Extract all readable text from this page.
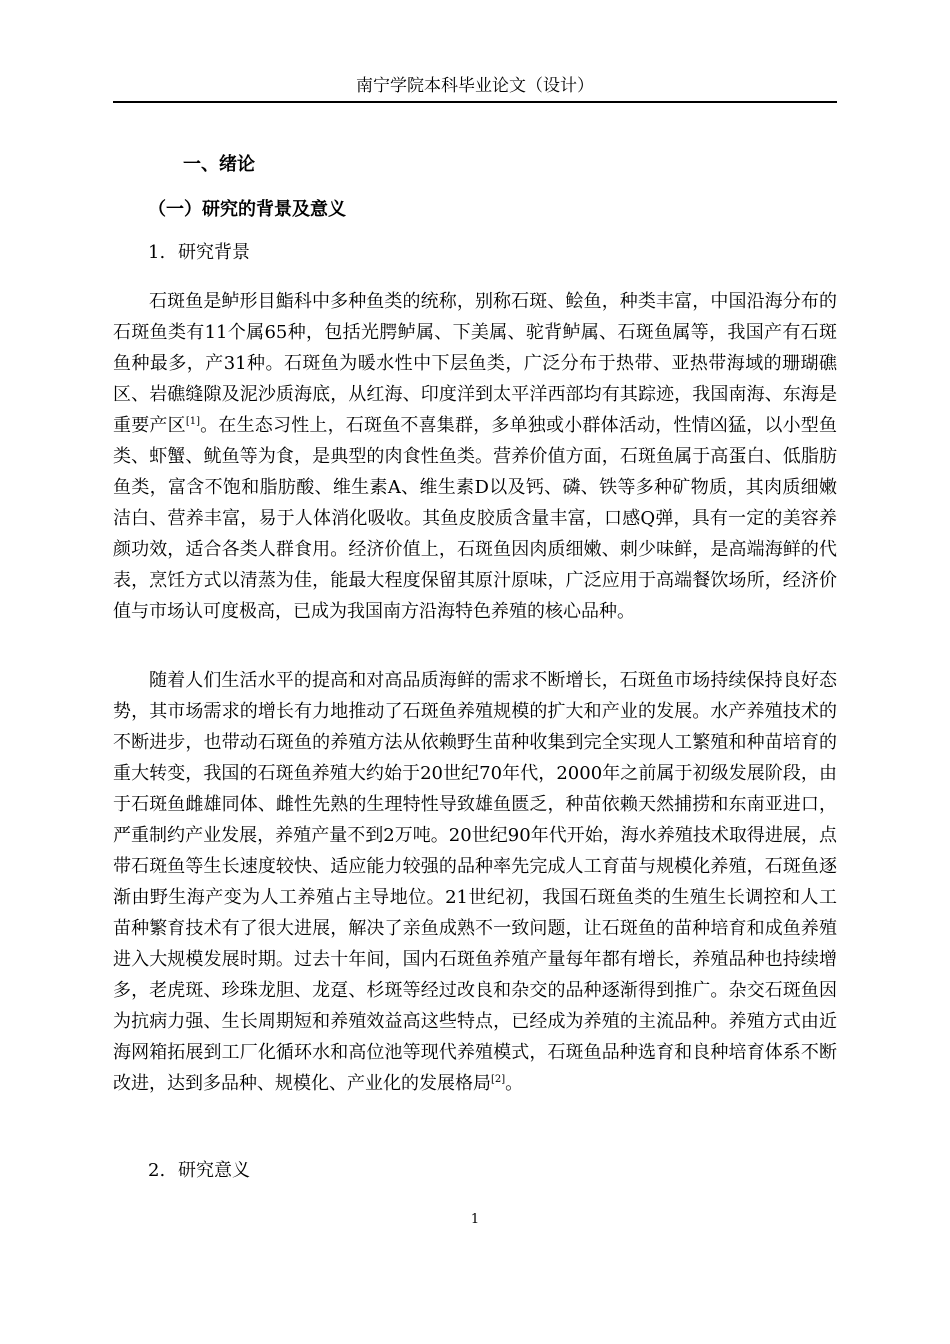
南宁学院本科毕业论文（设计）
一、绪论
（一）研究的背景及意义
1. 研究背景

石斑鱼是鲈形目鮨科中多种鱼类的统称，别称石斑、鲙鱼，种类丰富，中国沿海分布的石斑鱼类有11个属65种，包括光腭鲈属、下美属、驼背鲈属、石斑鱼属等，我国产有石斑鱼种最多，产31种。石斑鱼为暖水性中下层鱼类，广泛分布于热带、亚热带海域的珊瑚礁区、岩礁缝隙及泥沙质海底，从红海、印度洋到太平洋西部均有其踪迹，我国南海、东海是重要产区[1]。在生态习性上，石斑鱼不喜集群，多单独或小群体活动，性情凶猛，以小型鱼类、虾蟹、鱿鱼等为食，是典型的肉食性鱼类。营养价值方面，石斑鱼属于高蛋白、低脂肪鱼类，富含不饱和脂肪酸、维生素A、维生素D以及钙、磷、铁等多种矿物质，其肉质细嫩洁白、营养丰富，易于人体消化吸收。其鱼皮胶质含量丰富，口感Q弹，具有一定的美容养颜功效，适合各类人群食用。经济价值上，石斑鱼因肉质细嫩、刺少味鲜，是高端海鲜的代表，烹饪方式以清蒸为佳，能最大程度保留其原汁原味，广泛应用于高端餐饮场所，经济价值与市场认可度极高，已成为我国南方沿海特色养殖的核心品种。

随着人们生活水平的提高和对高品质海鲜的需求不断增长，石斑鱼市场持续保持良好态势，其市场需求的增长有力地推动了石斑鱼养殖规模的扩大和产业的发展。水产养殖技术的不断进步，也带动石斑鱼的养殖方法从依赖野生苗种收集到完全实现人工繁殖和种苗培育的重大转变，我国的石斑鱼养殖大约始于20世纪70年代，2000年之前属于初级发展阶段，由于石斑鱼雌雄同体、雌性先熟的生理特性导致雄鱼匮乏，种苗依赖天然捕捞和东南亚进口，严重制约产业发展，养殖产量不到2万吨。20世纪90年代开始，海水养殖技术取得进展，点带石斑鱼等生长速度较快、适应能力较强的品种率先完成人工育苗与规模化养殖，石斑鱼逐渐由野生海产变为人工养殖占主导地位。21世纪初，我国石斑鱼类的生殖生长调控和人工苗种繁育技术有了很大进展，解决了亲鱼成熟不一致问题，让石斑鱼的苗种培育和成鱼养殖进入大规模发展时期。过去十年间，国内石斑鱼养殖产量每年都有增长，养殖品种也持续增多，老虎斑、珍珠龙胆、龙趸、杉斑等经过改良和杂交的品种逐渐得到推广。杂交石斑鱼因为抗病力强、生长周期短和养殖效益高这些特点，已经成为养殖的主流品种。养殖方式由近海网箱拓展到工厂化循环水和高位池等现代养殖模式，石斑鱼品种选育和良种培育体系不断改进，达到多品种、规模化、产业化的发展格局[2]。

2. 研究意义
1
